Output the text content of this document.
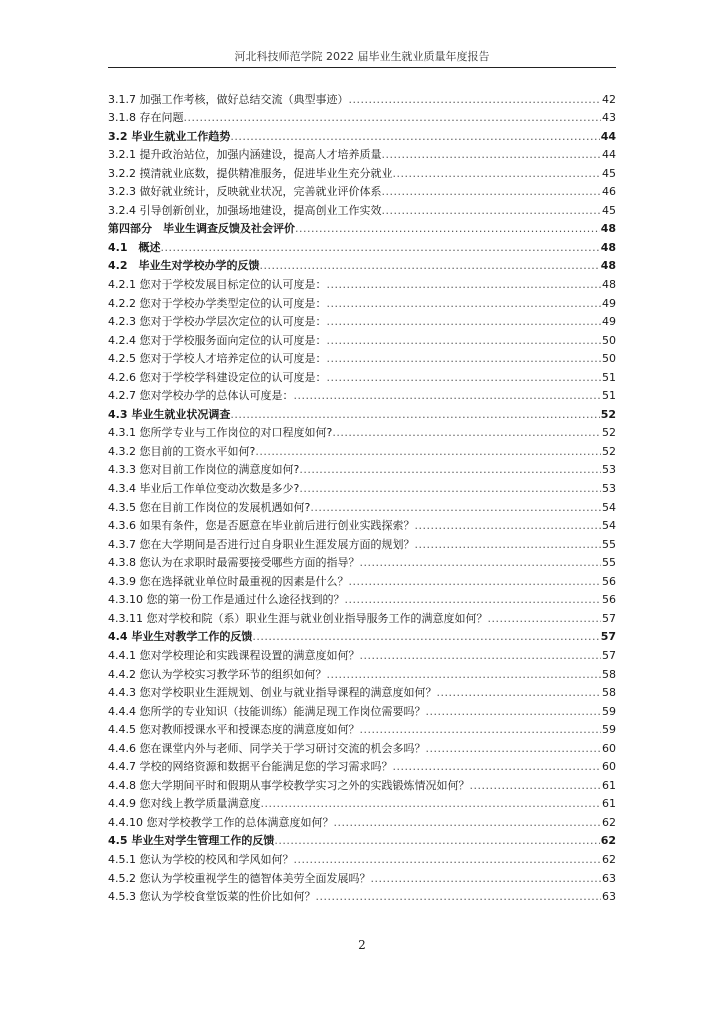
河北科技师范学院 2022 届毕业生就业质量年度报告
3.1.7 加强工作考核，做好总结交流（典型事迹） .....	42
3.1.8 存在问题 .....	43
3.2 毕业生就业工作趋势 .....	44
3.2.1 提升政治站位，加强内涵建设，提高人才培养质量 .....	44
3.2.2 摸清就业底数，提供精准服务，促进毕业生充分就业 .....	45
3.2.3 做好就业统计，反映就业状况，完善就业评价体系 .....	46
3.2.4 引导创新创业，加强场地建设，提高创业工作实效 .....	45
第四部分　毕业生调查反馈及社会评价 .....	48
4.1　概述 .....	48
4.2　毕业生对学校办学的反馈 .....	48
4.2.1 您对于学校发展目标定位的认可度是： .....	48
4.2.2 您对于学校办学类型定位的认可度是： .....	49
4.2.3 您对于学校办学层次定位的认可度是： .....	49
4.2.4 您对于学校服务面向定位的认可度是： .....	50
4.2.5 您对于学校人才培养定位的认可度是： .....	50
4.2.6 您对于学校学科建设定位的认可度是： .....	51
4.2.7 您对学校办学的总体认可度是： .....	51
4.3 毕业生就业状况调查 .....	52
4.3.1 您所学专业与工作岗位的对口程度如何? .....	52
4.3.2 您目前的工资水平如何? .....	52
4.3.3 您对目前工作岗位的满意度如何? .....	53
4.3.4 毕业后工作单位变动次数是多少? .....	53
4.3.5 您在目前工作岗位的发展机遇如何? .....	54
4.3.6 如果有条件，您是否愿意在毕业前后进行创业实践探索？ .....	54
4.3.7 您在大学期间是否进行过自身职业生涯发展方面的规划？ .....	55
4.3.8 您认为在求职时最需要接受哪些方面的指导？ .....	55
4.3.9 您在选择就业单位时最重视的因素是什么？ .....	56
4.3.10 您的第一份工作是通过什么途径找到的？ .....	56
4.3.11 您对学校和院（系）职业生涯与就业创业指导服务工作的满意度如何？ .....	57
4.4 毕业生对教学工作的反馈 .....	57
4.4.1 您对学校理论和实践课程设置的满意度如何？ .....	57
4.4.2 您认为学校实习教学环节的组织如何？ .....	58
4.4.3 您对学校职业生涯规划、创业与就业指导课程的满意度如何？ .....	58
4.4.4 您所学的专业知识（技能训练）能满足现工作岗位需要吗？ .....	59
4.4.5 您对教师授课水平和授课态度的满意度如何？ .....	59
4.4.6 您在课堂内外与老师、同学关于学习研讨交流的机会多吗？ .....	60
4.4.7 学校的网络资源和数据平台能满足您的学习需求吗？ .....	60
4.4.8 您大学期间平时和假期从事学校教学实习之外的实践锻炼情况如何？ .....	61
4.4.9 您对线上教学质量满意度 .....	61
4.4.10 您对学校教学工作的总体满意度如何？ .....	62
4.5 毕业生对学生管理工作的反馈 .....	62
4.5.1 您认为学校的校风和学风如何？ .....	62
4.5.2 您认为学校重视学生的德智体美劳全面发展吗？ .....	63
4.5.3 您认为学校食堂饭菜的性价比如何？ .....	63
2
